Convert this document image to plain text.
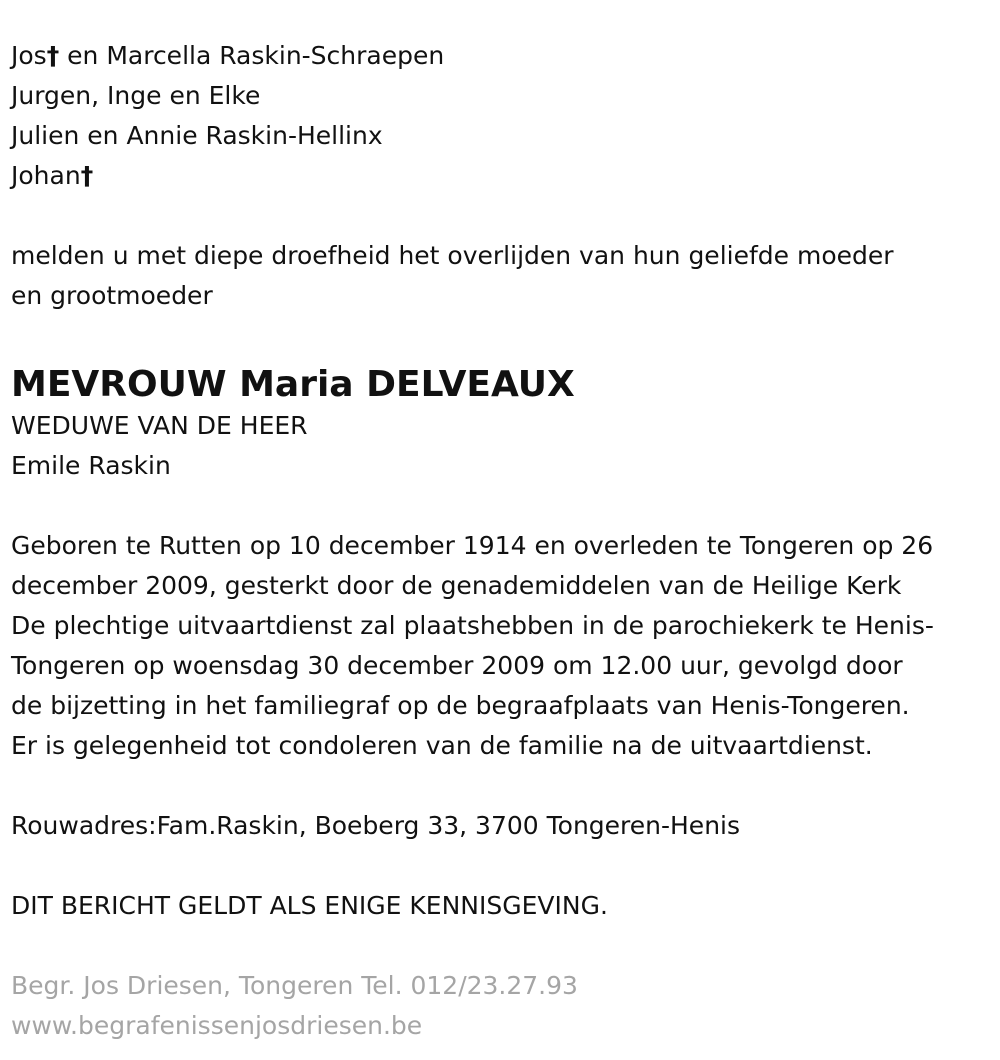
Jos† en Marcella Raskin-Schraepen
Jurgen, Inge en Elke
Julien en Annie Raskin-Hellinx
Johan†
melden u met diepe droefheid het overlijden van hun geliefde moeder
en grootmoeder
MEVROUW Maria DELVEAUX
WEDUWE VAN DE HEER
Emile Raskin
Geboren te Rutten op 10 december 1914 en overleden te Tongeren op 26
december 2009, gesterkt door de genademiddelen van de Heilige Kerk
De plechtige uitvaartdienst zal plaatshebben in de parochiekerk te Henis-
Tongeren op woensdag 30 december 2009 om 12.00 uur, gevolgd door
de bijzetting in het familiegraf op de begraafplaats van Henis-Tongeren.
Er is gelegenheid tot condoleren van de familie na de uitvaartdienst.
Rouwadres:Fam.Raskin, Boeberg 33, 3700 Tongeren-Henis
DIT BERICHT GELDT ALS ENIGE KENNISGEVING.
Begr. Jos Driesen, Tongeren Tel. 012/23.27.93
www.begrafenissenjosdriesen.be
